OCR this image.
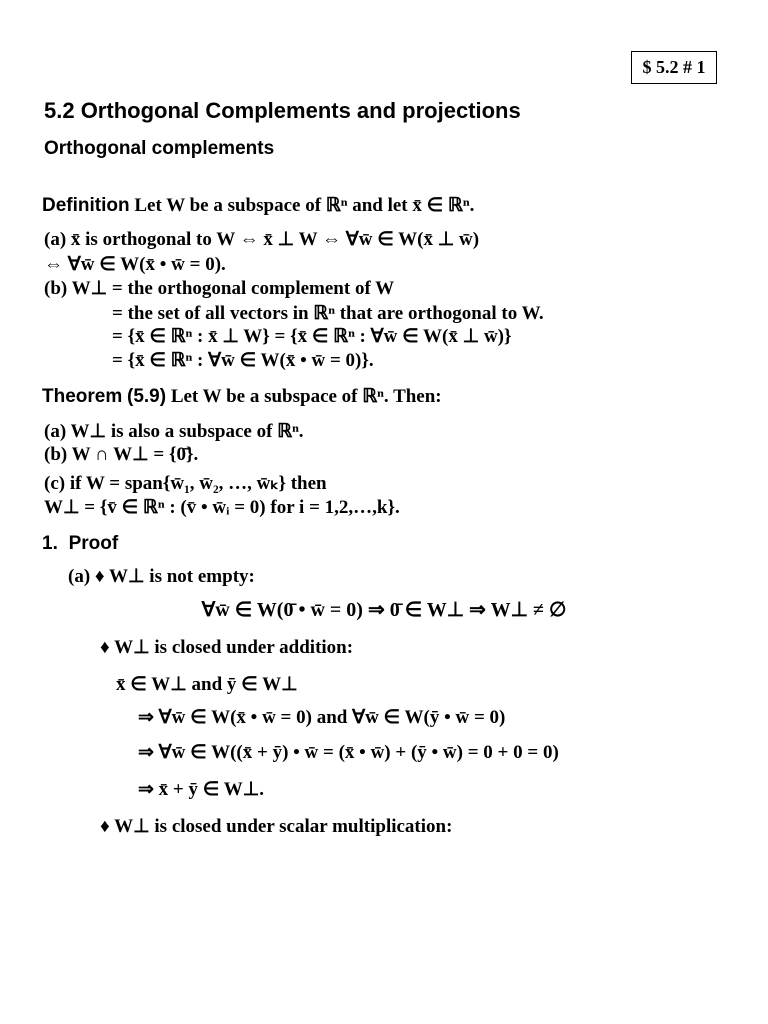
$ 5.2 # 1
5.2 Orthogonal Complements and projections
Orthogonal complements
Definition Let W be a subspace of ℝⁿ and let x̄ ∈ ℝⁿ.
(a) x̄ is orthogonal to W ⇔ x̄ ⊥ W ⇔ ∀w̄ ∈ W(x̄ ⊥ w̄)
⇔ ∀w̄ ∈ W(x̄ • w̄ = 0).
(b) W⊥ = the orthogonal complement of W
= the set of all vectors in ℝⁿ that are orthogonal to W.
= {x̄ ∈ ℝⁿ : x̄ ⊥ W} = {x̄ ∈ ℝⁿ : ∀w̄ ∈ W(x̄ ⊥ w̄)}
= {x̄ ∈ ℝⁿ : ∀w̄ ∈ W(x̄ • w̄ = 0)}.
Theorem (5.9) Let W be a subspace of ℝⁿ. Then:
(a) W⊥ is also a subspace of ℝⁿ.
(b) W ∩ W⊥ = {0̄}.
(c) if W = span{w̄₁, w̄₂, …, w̄ₖ} then
W⊥ = {v̄ ∈ ℝⁿ : (v̄ • w̄ᵢ = 0) for i = 1,2,…,k}.
1. Proof
(a) ♦ W⊥ is not empty:
∀w̄ ∈ W(0̄ • w̄ = 0) ⇒ 0̄ ∈ W⊥ ⇒ W⊥ ≠ ∅
♦ W⊥ is closed under addition:
x̄ ∈ W⊥ and ȳ ∈ W⊥
⇒ ∀w̄ ∈ W(x̄ • w̄ = 0) and ∀w̄ ∈ W(ȳ • w̄ = 0)
⇒ ∀w̄ ∈ W((x̄ + ȳ) • w̄ = (x̄ • w̄) + (ȳ • w̄) = 0 + 0 = 0)
⇒ x̄ + ȳ ∈ W⊥.
♦ W⊥ is closed under scalar multiplication:
